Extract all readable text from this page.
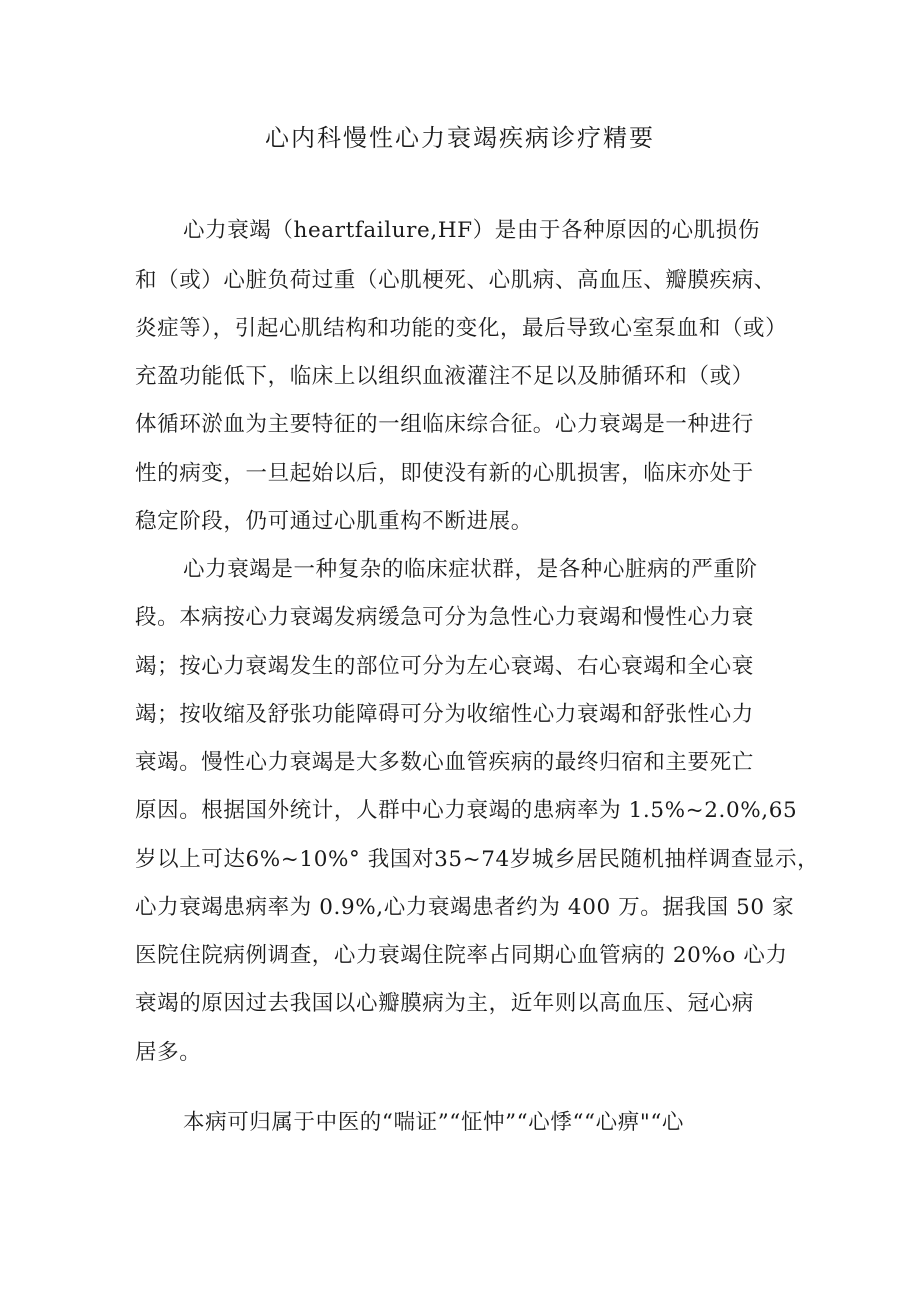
心内科慢性心力衰竭疾病诊疗精要
心力衰竭（heartfailure,HF）是由于各种原因的心肌损伤
和（或）心脏负荷过重（心肌梗死、心肌病、高血压、瓣膜疾病、
炎症等），引起心肌结构和功能的变化，最后导致心室泵血和（或）
充盈功能低下，临床上以组织血液灌注不足以及肺循环和（或）
体循环淤血为主要特征的一组临床综合征。心力衰竭是一种进行
性的病变，一旦起始以后，即使没有新的心肌损害，临床亦处于
稳定阶段，仍可通过心肌重构不断进展。
心力衰竭是一种复杂的临床症状群，是各种心脏病的严重阶
段。本病按心力衰竭发病缓急可分为急性心力衰竭和慢性心力衰
竭；按心力衰竭发生的部位可分为左心衰竭、右心衰竭和全心衰
竭；按收缩及舒张功能障碍可分为收缩性心力衰竭和舒张性心力
衰竭。慢性心力衰竭是大多数心血管疾病的最终归宿和主要死亡
原因。根据国外统计，人群中心力衰竭的患病率为 1.5%~2.0%,65
岁以上可达6%~10%° 我国对35~74岁城乡居民随机抽样调查显示，
心力衰竭患病率为 0.9%,心力衰竭患者约为 400 万。据我国 50 家
医院住院病例调查，心力衰竭住院率占同期心血管病的 20%o 心力
衰竭的原因过去我国以心瓣膜病为主，近年则以高血压、冠心病
居多。
本病可归属于中医的“喘证”“怔忡”“心悸““心痹"“心
